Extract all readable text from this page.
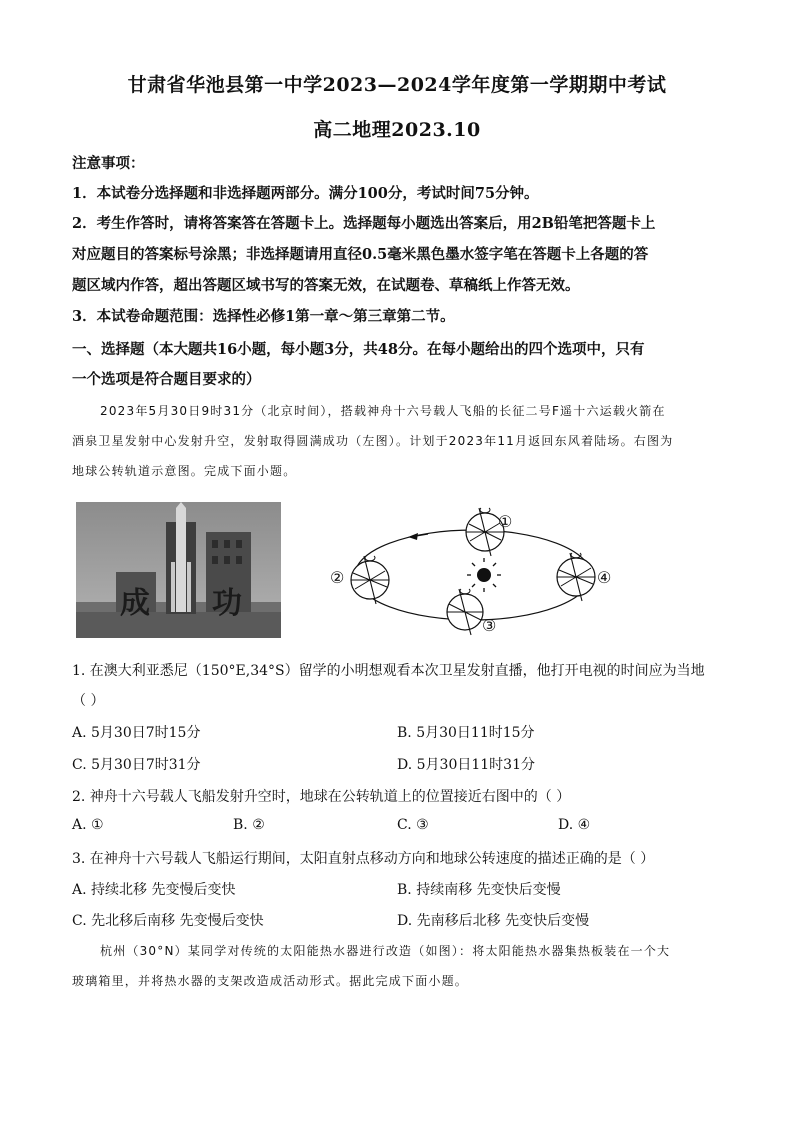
甘肃省华池县第一中学2023—2024学年度第一学期期中考试
高二地理2023.10
注意事项：
1．本试卷分选择题和非选择题两部分。满分100分，考试时间75分钟。
2．考生作答时，请将答案答在答题卡上。选择题每小题选出答案后，用2B铅笔把答题卡上
对应题目的答案标号涂黑；非选择题请用直径0.5毫米黑色墨水签字笔在答题卡上各题的答
题区域内作答，超出答题区域书写的答案无效，在试题卷、草稿纸上作答无效。
3．本试卷命题范围：选择性必修1第一章～第三章第二节。
一、选择题（本大题共16小题，每小题3分，共48分。在每小题给出的四个选项中，只有
一个选项是符合题目要求的）
2023年5月30日9时31分（北京时间），搭载神舟十六号载人飞船的长征二号F遥十六运载火箭在
酒泉卫星发射中心发射升空，发射取得圆满成功（左图）。计划于2023年11月返回东风着陆场。右图为
地球公转轨道示意图。完成下面小题。
成 功
①
②
③
④
1. 在澳大利亚悉尼（150°E,34°S）留学的小明想观看本次卫星发射直播，他打开电视的时间应为当地
（ ）
A. 5月30日7时15分	B. 5月30日11时15分
C. 5月30日7时31分	D. 5月30日11时31分
2. 神舟十六号载人飞船发射升空时，地球在公转轨道上的位置接近右图中的（ ）
A. ①	B. ②	C. ③	D. ④
3. 在神舟十六号载人飞船运行期间，太阳直射点移动方向和地球公转速度的描述正确的是（ ）
A. 持续北移 先变慢后变快	B. 持续南移 先变快后变慢
C. 先北移后南移 先变慢后变快	D. 先南移后北移 先变快后变慢
杭州（30°N）某同学对传统的太阳能热水器进行改造（如图）：将太阳能热水器集热板装在一个大
玻璃箱里，并将热水器的支架改造成活动形式。据此完成下面小题。
